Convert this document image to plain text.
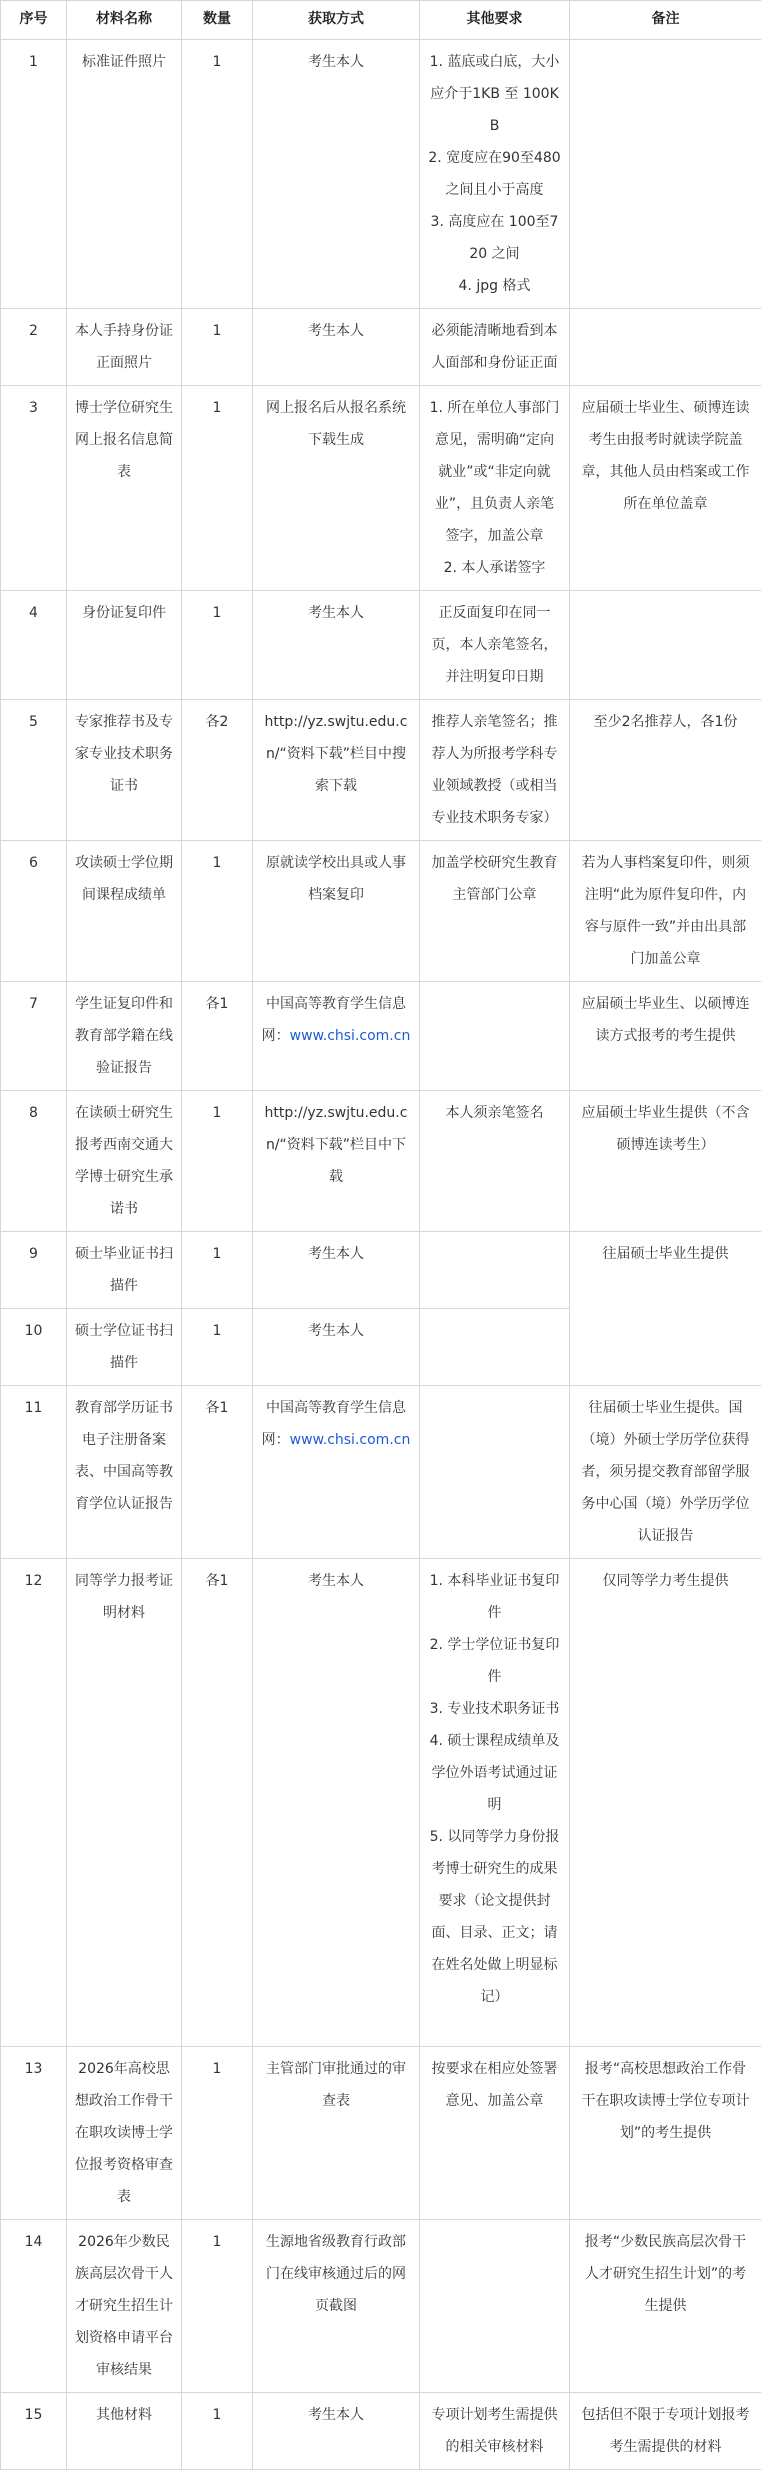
序号	材料名称	数量	获取方式	其他要求	备注
1	标准证件照片	1	考生本人	1. 蓝底或白底，大小应介于1KB 至 100KB
2. 宽度应在90至480之间且小于高度
3. 高度应在 100至720 之间
4. jpg 格式	

2	本人手持身份证正面照片	1	考生本人	必须能清晰地看到本人面部和身份证正面	

3	博士学位研究生网上报名信息简表	1	网上报名后从报名系统下载生成	1. 所在单位人事部门意见，需明确“定向就业”或“非定向就业”，且负责人亲笔签字，加盖公章
2. 本人承诺签字	应届硕士毕业生、硕博连读考生由报考时就读学院盖章，其他人员由档案或工作所在单位盖章
4	身份证复印件	1	考生本人	正反面复印在同一页，本人亲笔签名，并注明复印日期	

5	专家推荐书及专家专业技术职务证书	各2	http://yz.swjtu.edu.cn/“资料下载”栏目中搜索下载	推荐人亲笔签名；推荐人为所报考学科专业领域教授（或相当专业技术职务专家）	至少2名推荐人，各1份
6	攻读硕士学位期间课程成绩单	1	原就读学校出具或人事档案复印	加盖学校研究生教育主管部门公章	若为人事档案复印件，则须注明“此为原件复印件，内容与原件一致”并由出具部门加盖公章
7	学生证复印件和教育部学籍在线验证报告	各1	中国高等教育学生信息网：www.chsi.com.cn		应届硕士毕业生、以硕博连读方式报考的考生提供
8	在读硕士研究生报考西南交通大学博士研究生承诺书	1	http://yz.swjtu.edu.cn/“资料下载”栏目中下载	本人须亲笔签名	应届硕士毕业生提供（不含硕博连读考生）
9	硕士毕业证书扫描件	1	考生本人		往届硕士毕业生提供
10	硕士学位证书扫描件	1	考生本人		
11	教育部学历证书电子注册备案表、中国高等教育学位认证报告	各1	中国高等教育学生信息网：www.chsi.com.cn		往届硕士毕业生提供。国（境）外硕士学历学位获得者，须另提交教育部留学服务中心国（境）外学历学位认证报告
12	同等学力报考证明材料	各1	考生本人	1. 本科毕业证书复印件
2. 学士学位证书复印件
3. 专业技术职务证书
4. 硕士课程成绩单及学位外语考试通过证明
5. 以同等学力身份报考博士研究生的成果要求（论文提供封面、目录、正文；请在姓名处做上明显标记）	仅同等学力考生提供
13	2026年高校思想政治工作骨干在职攻读博士学位报考资格审查表	1	主管部门审批通过的审查表	按要求在相应处签署意见、加盖公章	报考“高校思想政治工作骨干在职攻读博士学位专项计划”的考生提供
14	2026年少数民族高层次骨干人才研究生招生计划资格申请平台审核结果	1	生源地省级教育行政部门在线审核通过后的网页截图		报考“少数民族高层次骨干人才研究生招生计划”的考生提供
15	其他材料	1	考生本人	专项计划考生需提供的相关审核材料	包括但不限于专项计划报考考生需提供的材料
